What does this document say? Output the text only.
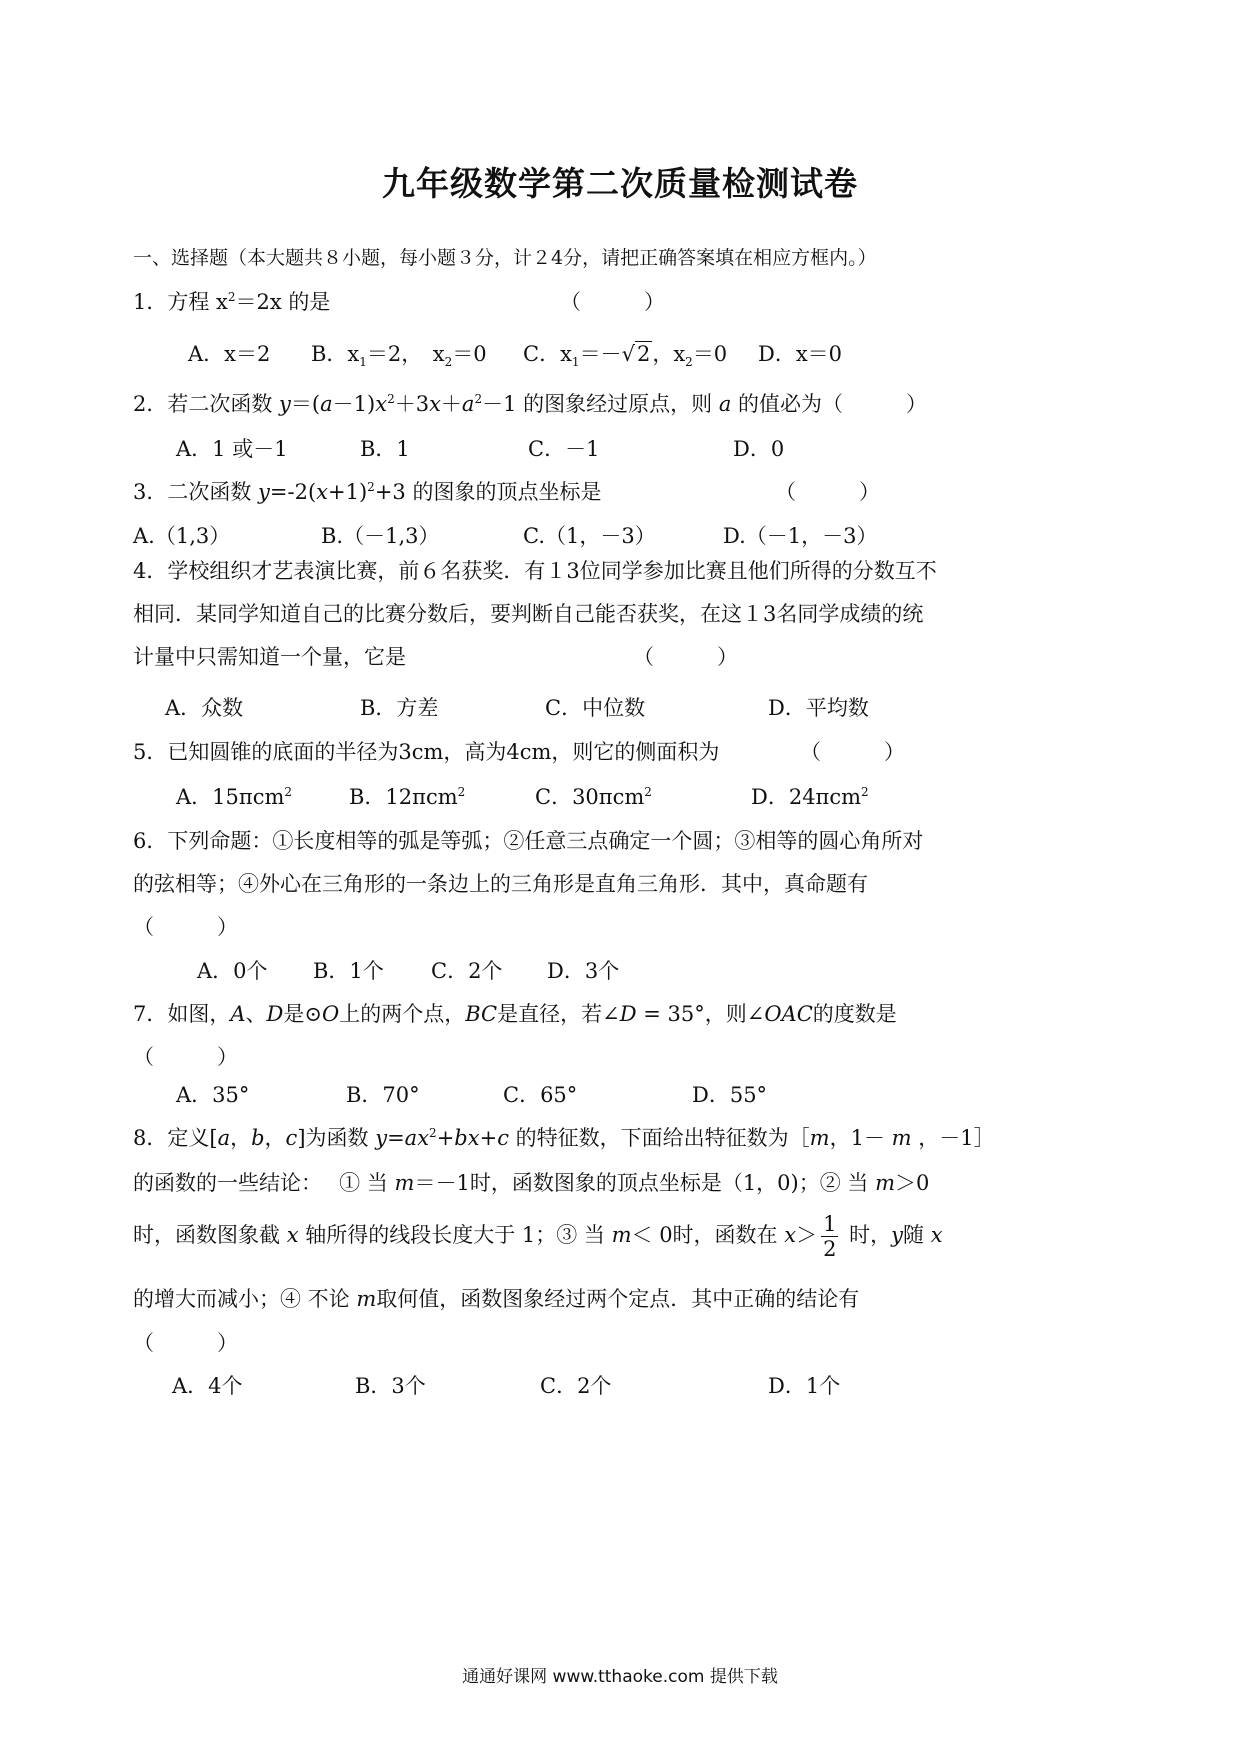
九年级数学第二次质量检测试卷
一、选择题（本大题共８小题，每小题３分，计２4分，请把正确答案填在相应方框内。）
1．方程 $x^2=2x$ 的是	（　　　）
A．x＝2 B．$x_1=2$，　$x_2=0$ C．$x_1=-√2$，$x_2=0$ D．x＝0
2．若二次函数 $y=(a-1)x^2+3x+a^2-1$ 的图象经过原点，则 a 的值必为（　　　）
A．1 或－1	B．1	C．－1	D．0
3．二次函数 $y=-2(x+1)^2+3$ 的图象的顶点坐标是	（　　　）
A.（1,3）	B.（－1,3）	C.（1，－3）	D.（－1，－3）
4．学校组织才艺表演比赛，前６名获奖．有１3位同学参加比赛且他们所得的分数互不
相同．某同学知道自己的比赛分数后，要判断自己能否获奖，在这１3名同学成绩的统
计量中只需知道一个量，它是	（　　　）
A．众数	B．方差	C．中位数	D．平均数
5．已知圆锥的底面的半径为3cm，高为4cm，则它的侧面积为	（　　　）
A．15πcm$^2$	B．12πcm$^2$	C．30πcm$^2$	D．24πcm$^2$
6．下列命题：①长度相等的弧是等弧；②任意三点确定一个圆；③相等的圆心角所对
的弦相等；④外心在三角形的一条边上的三角形是直角三角形．其中，真命题有
（　　　）
A．0个 B．1个 C．2个 D．3个
7．如图，A、D是⊙O上的两个点，BC是直径，若∠D = 35°，则∠OAC的度数是
（　　　）
A．35°	B．70°	C．65°	D．55°
8．定义[a，b，c]为函数 $y=ax^2+bx+c$ 的特征数，下面给出特征数为［m，1－ m ，－1］
的函数的一些结论：　 ① 当 m＝－1时，函数图象的顶点坐标是（1，0)；② 当 m＞0
时，函数图象截 x 轴所得的线段长度大于 1；③ 当 m＜ 0时，函数在 $x> \frac{1}{2}$ 时，y随 x
的增大而减小；④ 不论 m取何值，函数图象经过两个定点．其中正确的结论有
（　　　）
A．4个	B．3个	C．2个	D．1个
通通好课网 www.tthaoke.com 提供下载
